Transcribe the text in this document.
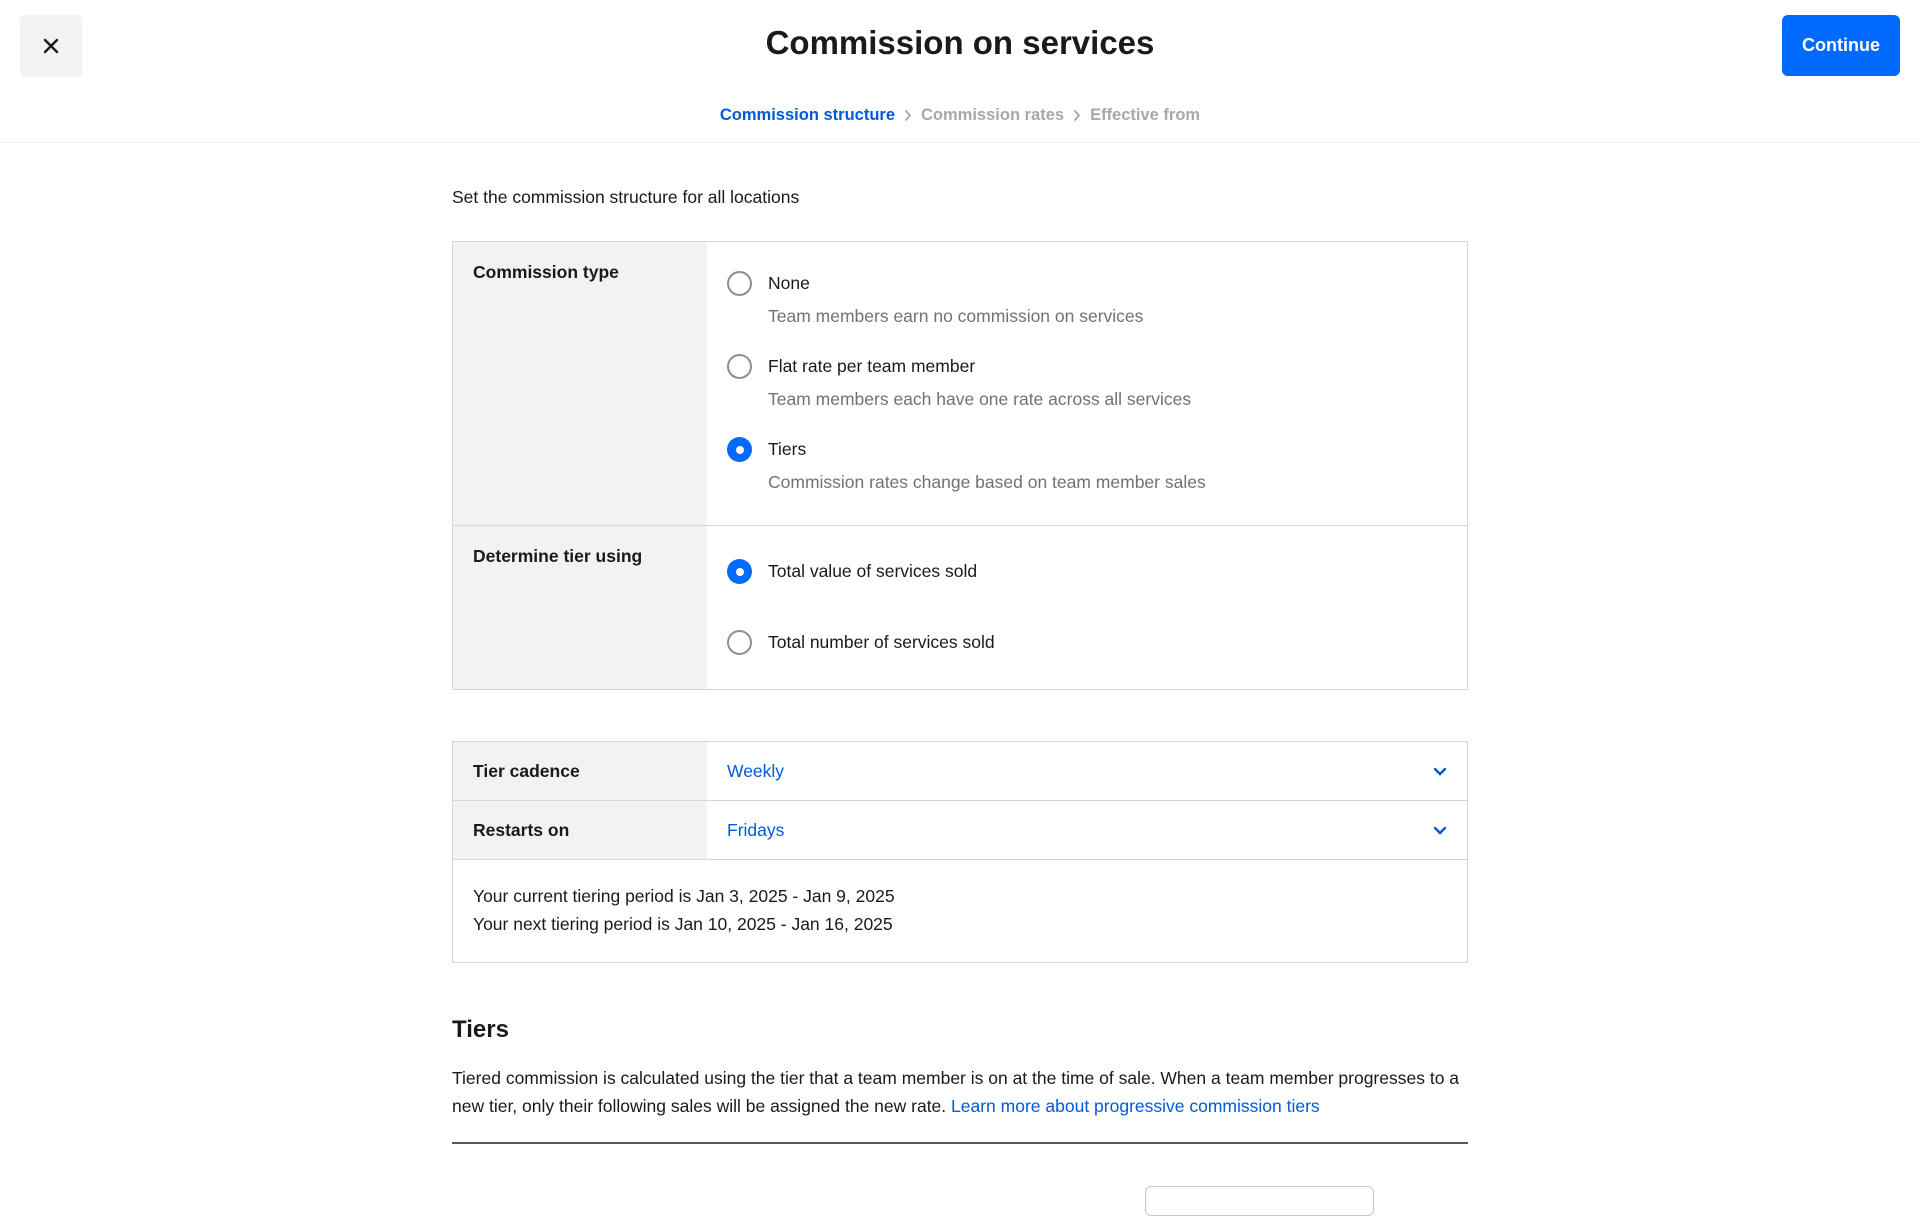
Commission on services	Continue
Commission structure Commission rates Effective from
Set the commission structure for all locations
Commission type
None
Team members earn no commission on services
Flat rate per team member
Team members each have one rate across all services
Tiers
Commission rates change based on team member sales
Determine tier using
Total value of services sold
Total number of services sold
Tier cadence	Weekly
Restarts on	Fridays
Your current tiering period is Jan 3, 2025 - Jan 9, 2025
Your next tiering period is Jan 10, 2025 - Jan 16, 2025
Tiers
Tiered commission is calculated using the tier that a team member is on at the time of sale. When a team member progresses to a new tier, only their following sales will be assigned the new rate. Learn more about progressive commission tiers
